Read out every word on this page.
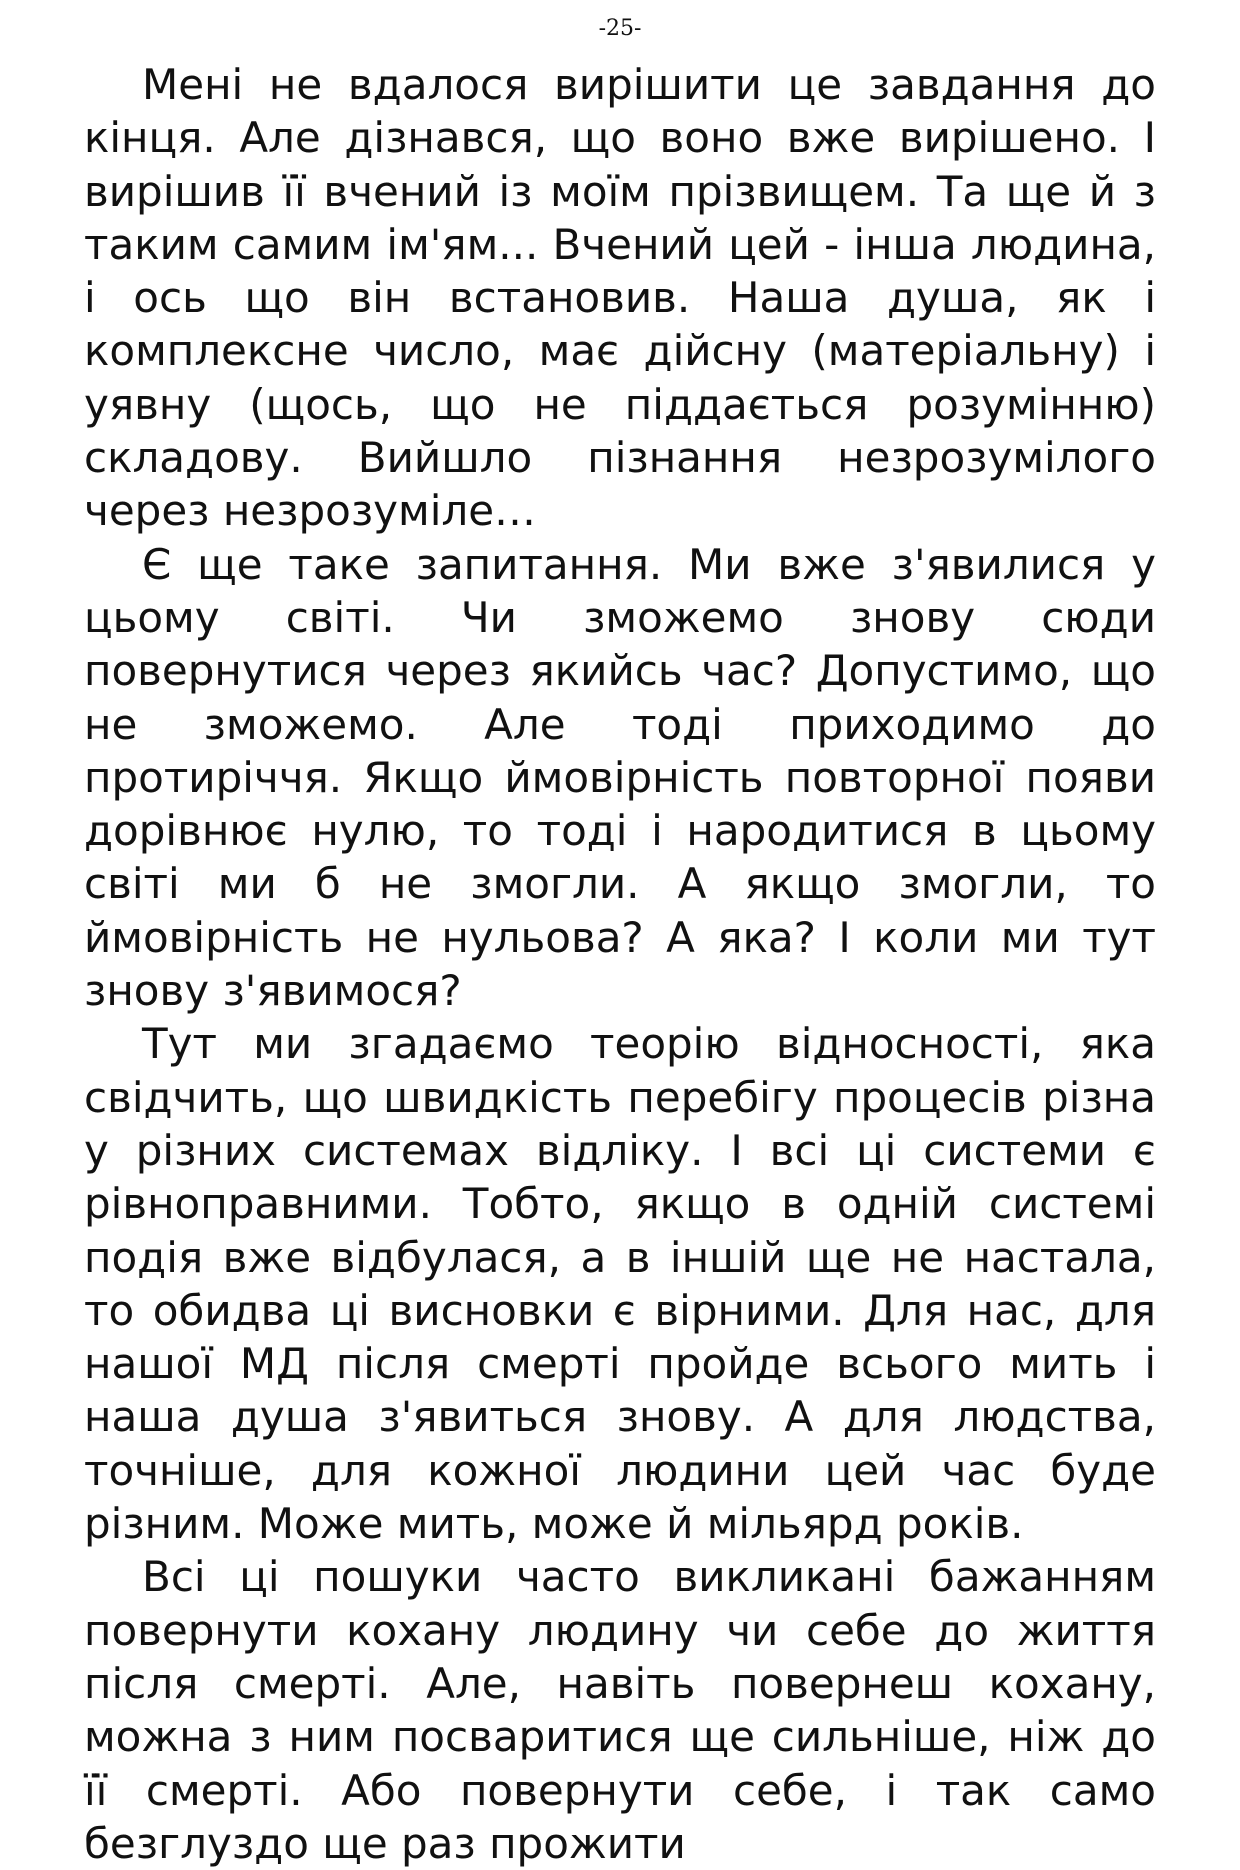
-25-

Мені не вдалося вирішити це завдання до кінця. Але дізнався, що воно вже вирішено. І вирішив її вчений із моїм прізвищем. Та ще й з таким самим ім'ям... Вчений цей - інша людина, і ось що він встановив. Наша душа, як і комплексне число, має дійсну (матеріальну) і уявну (щось, що не піддається розумінню) складову. Вийшло пізнання незрозумілого через незрозуміле…

Є ще таке запитання. Ми вже з'явилися у цьому світі. Чи зможемо знову сюди повернутися через якийсь час? Допустимо, що не зможемо. Але тоді приходимо до протиріччя. Якщо ймовірність повторної появи дорівнює нулю, то тоді і народитися в цьому світі ми б не змогли. А якщо змогли, то ймовірність не нульова? А яка? І коли ми тут знову з'явимося?

Тут ми згадаємо теорію відносності, яка свідчить, що швидкість перебігу процесів різна у різних системах відліку. І всі ці системи є рівноправними. Тобто, якщо в одній системі подія вже відбулася, а в іншій ще не настала, то обидва ці висновки є вірними. Для нас, для нашої МД після смерті пройде всього мить і наша душа з'явиться знову. А для людства, точніше, для кожної людини цей час буде різним. Може мить, може й мільярд років.

Всі ці пошуки часто викликані бажанням повернути кохану людину чи себе до життя після смерті. Але, навіть повернеш кохану, можна з ним посваритися ще сильніше, ніж до її смерті. Або повернути себе, і так само безглуздо ще раз прожити
